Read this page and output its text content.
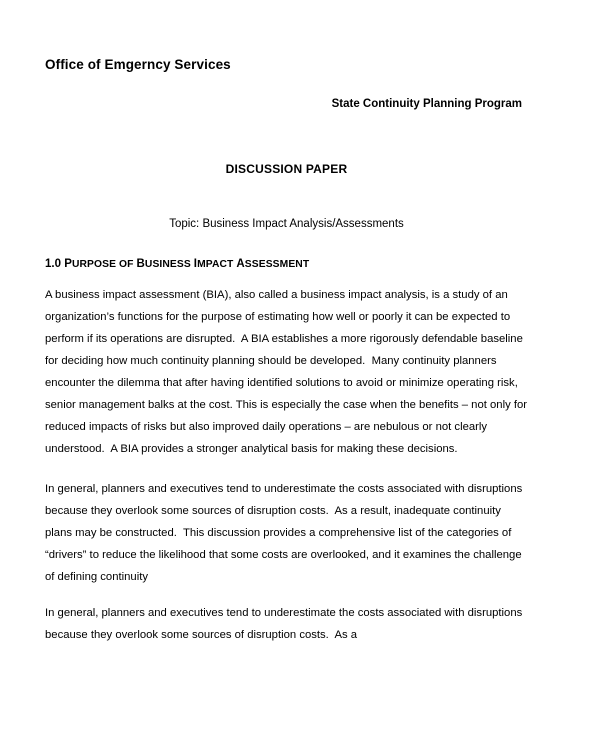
Office of Emgerncy Services
State Continuity Planning Program
DISCUSSION PAPER
Topic: Business Impact Analysis/Assessments
1.0 PURPOSE OF BUSINESS IMPACT ASSESSMENT

A business impact assessment (BIA), also called a business impact analysis, is a study of an organization’s functions for the purpose of estimating how well or poorly it can be expected to perform if its operations are disrupted.  A BIA establishes a more rigorously defendable baseline for deciding how much continuity planning should be developed.  Many continuity planners encounter the dilemma that after having identified solutions to avoid or minimize operating risk, senior management balks at the cost. This is especially the case when the benefits – not only for reduced impacts of risks but also improved daily operations – are nebulous or not clearly understood.  A BIA provides a stronger analytical basis for making these decisions.

In general, planners and executives tend to underestimate the costs associated with disruptions because they overlook some sources of disruption costs.  As a result, inadequate continuity plans may be constructed.  This discussion provides a comprehensive list of the categories of “drivers” to reduce the likelihood that some costs are overlooked, and it examines the challenge of defining continuity

In general, planners and executives tend to underestimate the costs associated with disruptions because they overlook some sources of disruption costs.  As a
